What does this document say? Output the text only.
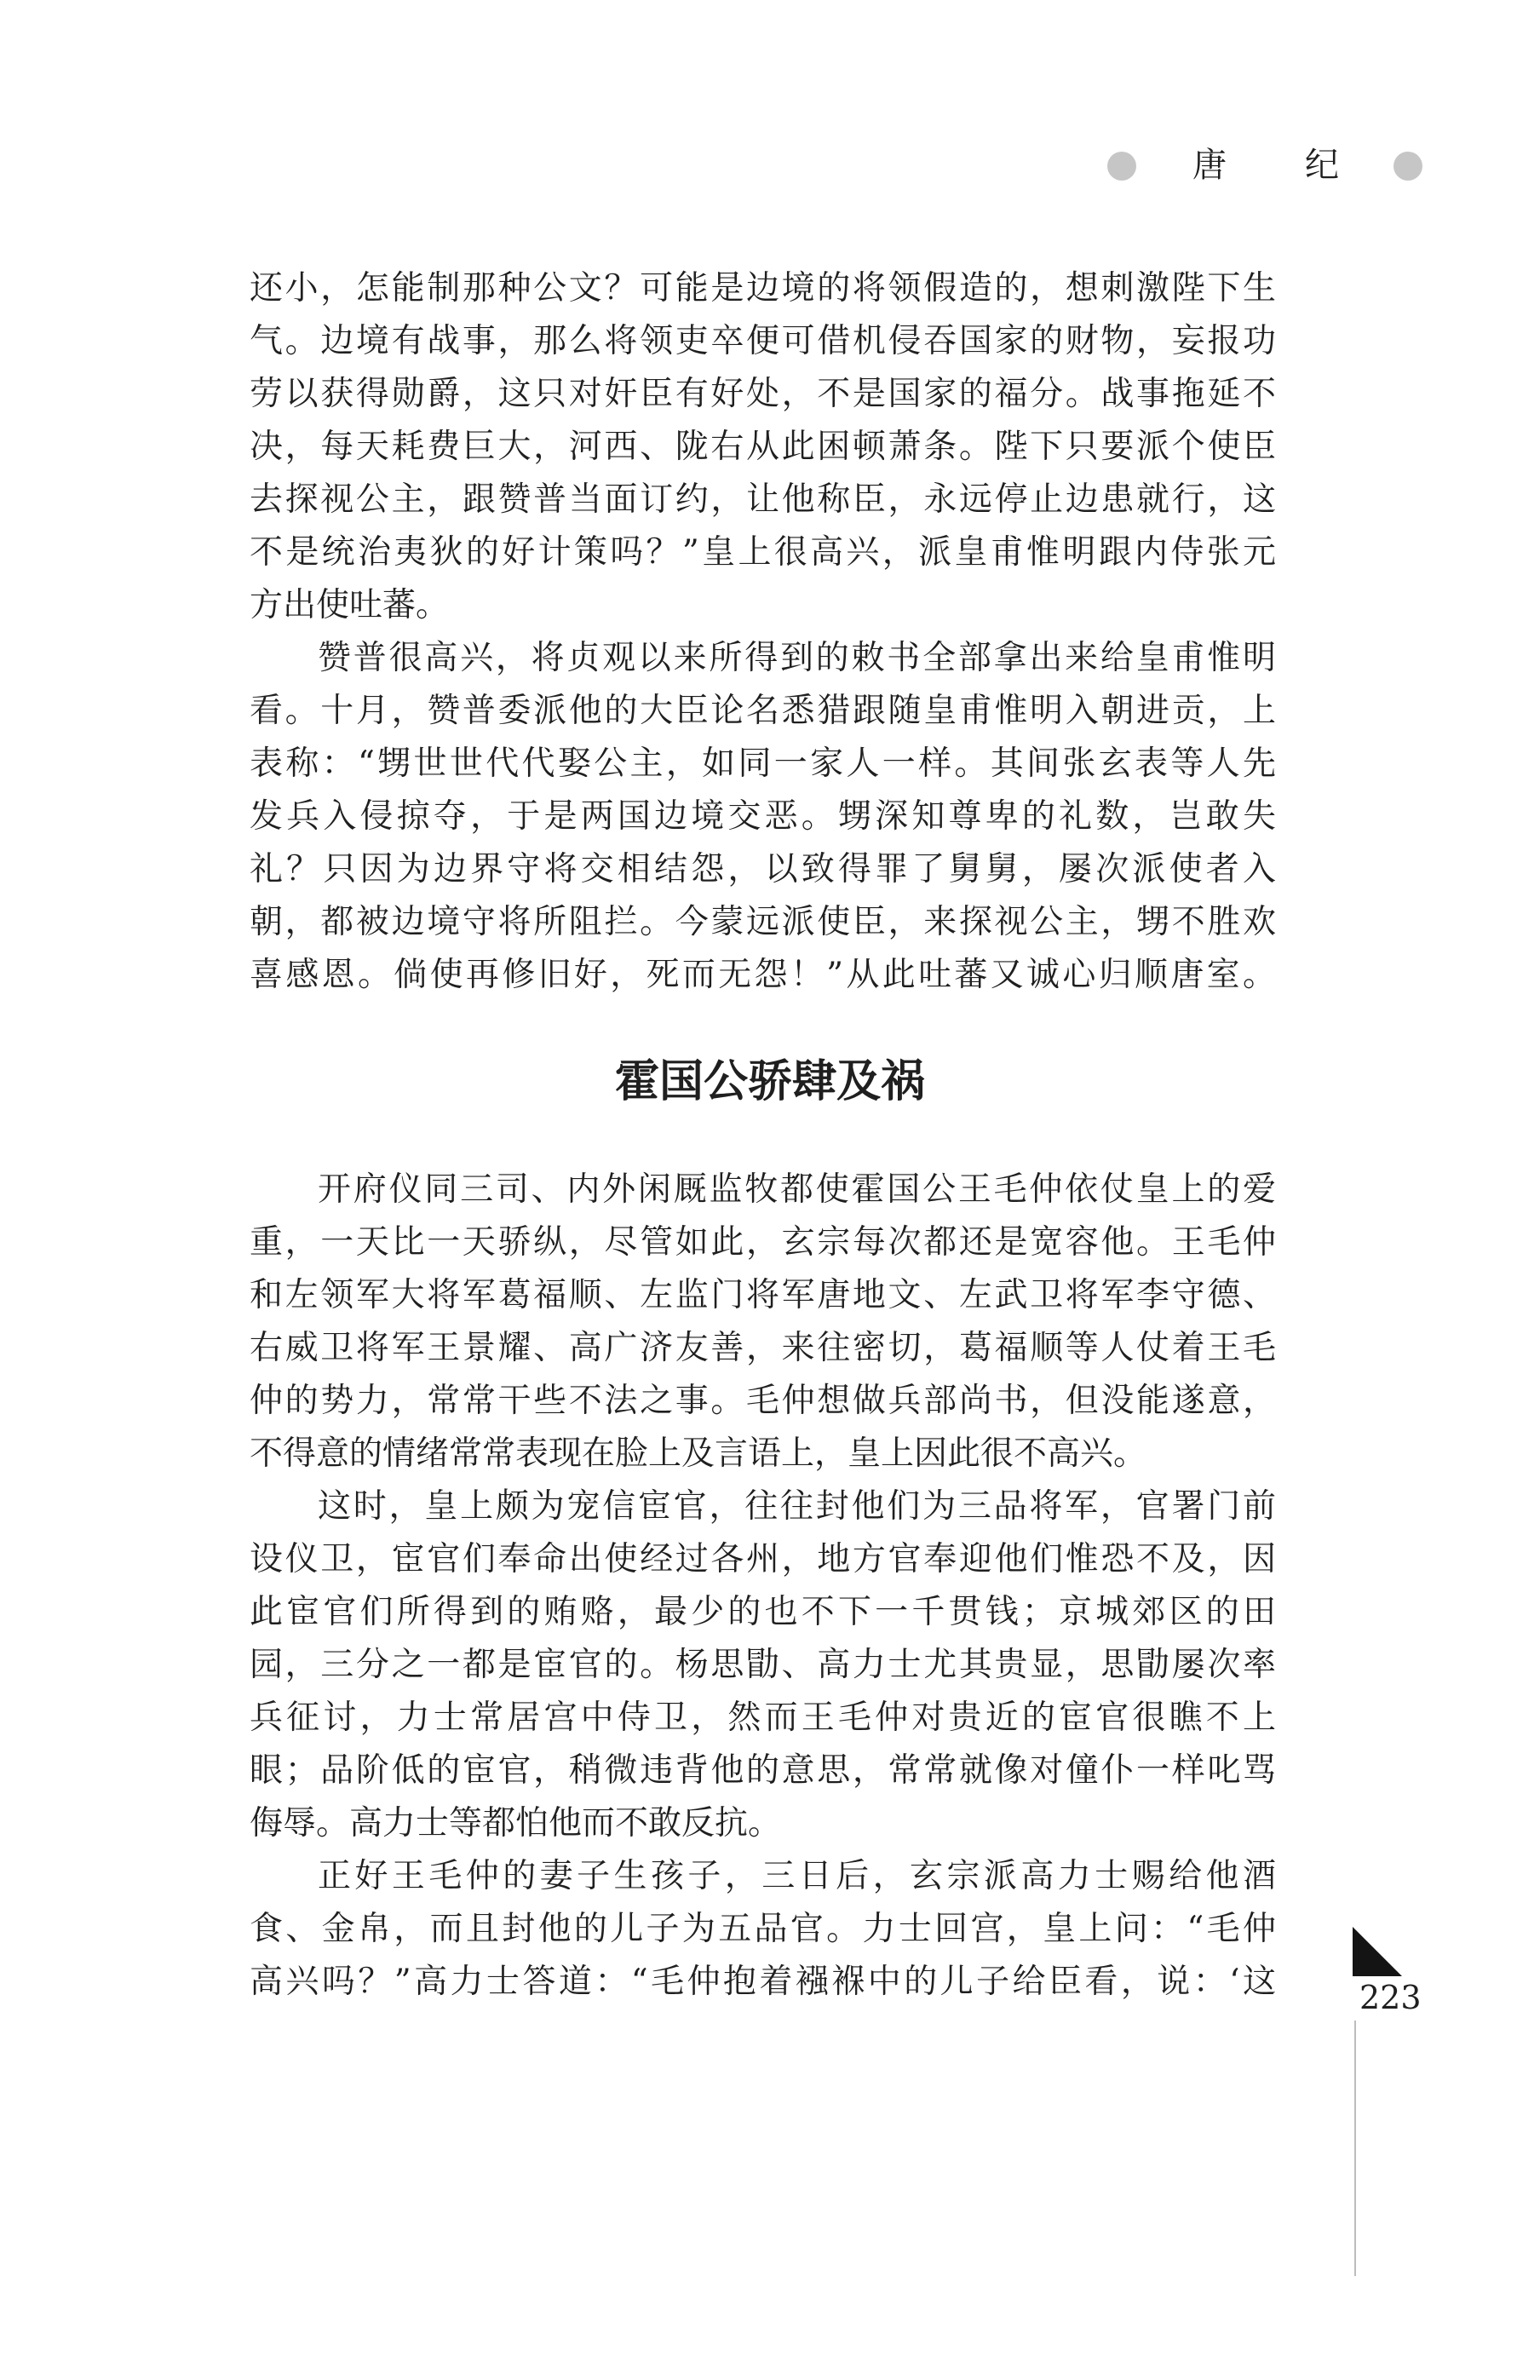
唐 纪
还小，怎能制那种公文？可能是边境的将领假造的，想刺激陛下生
气。边境有战事，那么将领吏卒便可借机侵吞国家的财物，妄报功
劳以获得勋爵，这只对奸臣有好处，不是国家的福分。战事拖延不
决，每天耗费巨大，河西、陇右从此困顿萧条。陛下只要派个使臣
去探视公主，跟赞普当面订约，让他称臣，永远停止边患就行，这
不是统治夷狄的好计策吗？”皇上很高兴，派皇甫惟明跟内侍张元
方出使吐蕃。
赞普很高兴，将贞观以来所得到的敕书全部拿出来给皇甫惟明
看。十月，赞普委派他的大臣论名悉猎跟随皇甫惟明入朝进贡，上
表称：“甥世世代代娶公主，如同一家人一样。其间张玄表等人先
发兵入侵掠夺，于是两国边境交恶。甥深知尊卑的礼数，岂敢失
礼？只因为边界守将交相结怨，以致得罪了舅舅，屡次派使者入
朝，都被边境守将所阻拦。今蒙远派使臣，来探视公主，甥不胜欢
喜感恩。倘使再修旧好，死而无怨！”从此吐蕃又诚心归顺唐室。
霍国公骄肆及祸
开府仪同三司、内外闲厩监牧都使霍国公王毛仲依仗皇上的爱
重，一天比一天骄纵，尽管如此，玄宗每次都还是宽容他。王毛仲
和左领军大将军葛福顺、左监门将军唐地文、左武卫将军李守德、
右威卫将军王景耀、高广济友善，来往密切，葛福顺等人仗着王毛
仲的势力，常常干些不法之事。毛仲想做兵部尚书，但没能遂意，
不得意的情绪常常表现在脸上及言语上，皇上因此很不高兴。
这时，皇上颇为宠信宦官，往往封他们为三品将军，官署门前
设仪卫，宦官们奉命出使经过各州，地方官奉迎他们惟恐不及，因
此宦官们所得到的贿赂，最少的也不下一千贯钱；京城郊区的田
园，三分之一都是宦官的。杨思勖、高力士尤其贵显，思勖屡次率
兵征讨，力士常居宫中侍卫，然而王毛仲对贵近的宦官很瞧不上
眼；品阶低的宦官，稍微违背他的意思，常常就像对僮仆一样叱骂
侮辱。高力士等都怕他而不敢反抗。
正好王毛仲的妻子生孩子，三日后，玄宗派高力士赐给他酒
食、金帛，而且封他的儿子为五品官。力士回宫，皇上问：“毛仲
高兴吗？”高力士答道：“毛仲抱着襁褓中的儿子给臣看，说：‘这	223
